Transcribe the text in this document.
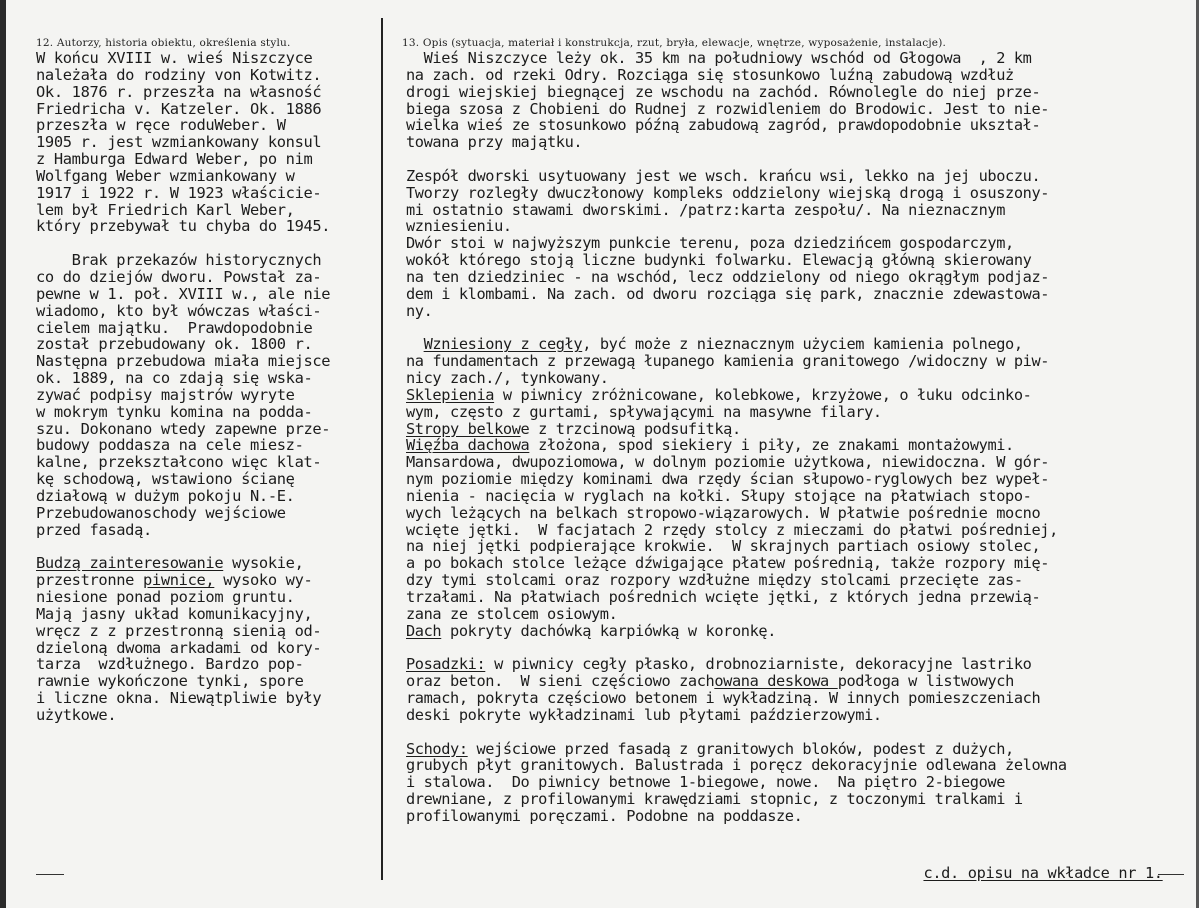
12. Autorzy, historia obiektu, określenia stylu.	13. Opis (sytuacja, materiał i konstrukcja, rzut, bryła, elewacje, wnętrze, wyposażenie, instalacje).
W końcu XVIII w. wieś Niszczyce
należała do rodziny von Kotwitz.
Ok. 1876 r. przeszła na własność
Friedricha v. Katzeler. Ok. 1886
przeszła w ręce roduWeber. W
1905 r. jest wzmiankowany konsul
z Hamburga Edward Weber, po nim
Wolfgang Weber wzmiankowany w
1917 i 1922 r. W 1923 właściciе-
lem był Friedrich Karl Weber,
który przebywał tu chyba do 1945.
Brak przekazów historycznych
co do dziejów dworu. Powstał za-
pewne w 1. poł. XVIII w., ale nie
wiadomo, kto był wówczas właści-
cielem majątku.  Prawdopodobnie
został przebudowany ok. 1800 r.
Następna przebudowa miała miejsce
ok. 1889, na co zdają się wska-
zywać podpisy majstrów wyryte
w mokrym tynku komina na podda-
szu. Dokonano wtedy zapewne prze-
budowy poddasza na cele miesz-
kalne, przekształcono więc klat-
kę schodową, wstawiono ścianę
działową w dużym pokoju N.-E.
Przebudowanoschody wejściowe
przed fasadą.
Budzą zainteresowanie wysokie,
przestronne piwnice, wysoko wy-
niesione ponad poziom gruntu.
Mają jasny układ komunikacyjny,
wręcz z z przestronną sienią od-
dzieloną dwoma arkadami od kory-
tarza  wzdłużnego. Bardzo pop-
rawnie wykończone tynki, spore
i liczne okna. Niewątpliwie były
użytkowe.
Wieś Niszczyce leży ok. 35 km na południowy wschód od Głogowa  , 2 km
na zach. od rzeki Odry. Rozciąga się stosunkowo luźną zabudową wzdłuż
drogi wiejskiej biegnącej ze wschodu na zachód. Równolegle do niej prze-
biega szosa z Chobieni do Rudnej z rozwidleniem do Brodowic. Jest to nie-
wielka wieś ze stosunkowo późną zabudową zagród, prawdopodobnie ukształ-
towana przy majątku.
Zespół dworski usytuowany jest we wsch. krańcu wsi, lekko na jej uboczu.
Tworzy rozległy dwuczłonowy kompleks oddzielony wiejską drogą i osuszony-
mi ostatnio stawami dworskimi. /patrz:karta zespołu/. Na nieznacznym
wzniesieniu.
Dwór stoi w najwyższym punkcie terenu, poza dziedzińcem gospodarczym,
wokół którego stoją liczne budynki folwarku. Elewacją główną skierowany
na ten dziedziniec - na wschód, lecz oddzielony od niego okrągłym podjaz-
dem i klombami. Na zach. od dworu rozciąga się park, znacznie zdewastowa-
ny.
Wzniesiony z cegły, być może z nieznacznym użyciem kamienia polnego,
na fundamentach z przewagą łupanego kamienia granitowego /widoczny w piw-
nicy zach./, tynkowany.
Sklepienia w piwnicy zróżnicowane, kolebkowe, krzyżowe, o łuku odcinko-
wym, często z gurtami, spływającymi na masywne filary.
Stropy belkowe z trzcinową podsufitką.
Więźba dachowa złożona, spod siekiery i piły, ze znakami montażowymi.
Mansardowa, dwupoziomowa, w dolnym poziomie użytkowa, niewidoczna. W gór-
nym poziomie między kominami dwa rzędy ścian słupowo-ryglowych bez wypeł-
nienia - nacięcia w ryglach na kołki. Słupy stojące na płatwiach stopo-
wych leżących na belkach stropowo-wiązarowych. W płatwie pośrednie mocno
wcięte jętki.  W facjatach 2 rzędy stolcy z mieczami do płatwi pośredniej,
na niej jętki podpierające krokwie.  W skrajnych partiach osiowy stolec,
a po bokach stolce leżące dźwigające płatew pośrednią, także rozpory mię-
dzy tymi stolcami oraz rozpory wzdłużne między stolcami przecięte zas-
trzałami. Na płatwiach pośrednich wcięte jętki, z których jedna przewią-
zana ze stolcem osiowym.
Dach pokryty dachówką karpiówką w koronkę.
Posadzki: w piwnicy cegły płasko, drobnoziarniste, dekoracyjne lastriko
oraz beton.  W sieni częściowo zachowana deskowa podłoga w listwowych
ramach, pokryta częściowo betonem i wykładziną. W innych pomieszczeniach
deski pokryte wykładzinami lub płytami paździerzowymi.
Schody: wejściowe przed fasadą z granitowych bloków, podest z dużych,
grubych płyt granitowych. Balustrada i poręcz dekoracyjnie odlewana żelowna
i stalowa.  Do piwnicy betnowe 1-biegowe, nowe.  Na piętro 2-biegowe
drewniane, z profilowanymi krawędziami stopnic, z toczonymi tralkami i
profilowanymi poręczami. Podobne na poddasze.

c.d. opisu na wkładce nr 1.
